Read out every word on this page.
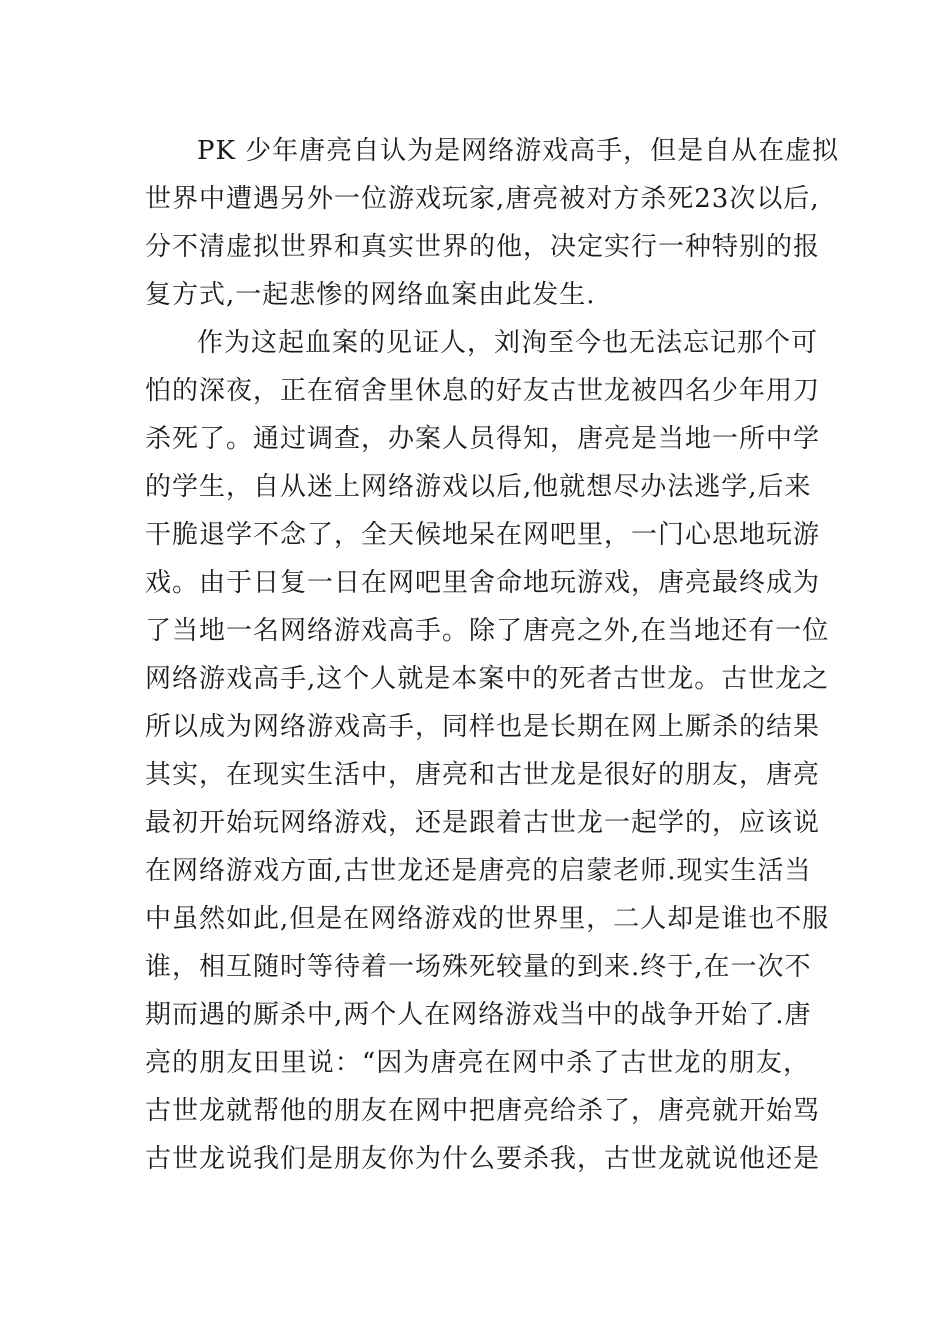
PK 少年唐亮自认为是网络游戏高手，但是自从在虚拟
世界中遭遇另外一位游戏玩家,唐亮被对方杀死23次以后,
分不清虚拟世界和真实世界的他，决定实行一种特别的报
复方式,一起悲惨的网络血案由此发生.
作为这起血案的见证人，刘洵至今也无法忘记那个可
怕的深夜，正在宿舍里休息的好友古世龙被四名少年用刀
杀死了。通过调查，办案人员得知，唐亮是当地一所中学
的学生，自从迷上网络游戏以后,他就想尽办法逃学,后来
干脆退学不念了，全天候地呆在网吧里，一门心思地玩游
戏。由于日复一日在网吧里舍命地玩游戏，唐亮最终成为
了当地一名网络游戏高手。除了唐亮之外,在当地还有一位
网络游戏高手,这个人就是本案中的死者古世龙。古世龙之
所以成为网络游戏高手，同样也是长期在网上厮杀的结果
其实，在现实生活中，唐亮和古世龙是很好的朋友，唐亮
最初开始玩网络游戏，还是跟着古世龙一起学的，应该说
在网络游戏方面,古世龙还是唐亮的启蒙老师.现实生活当
中虽然如此,但是在网络游戏的世界里，二人却是谁也不服
谁，相互随时等待着一场殊死较量的到来.终于,在一次不
期而遇的厮杀中,两个人在网络游戏当中的战争开始了.唐
亮的朋友田里说：“因为唐亮在网中杀了古世龙的朋友，
古世龙就帮他的朋友在网中把唐亮给杀了，唐亮就开始骂
古世龙说我们是朋友你为什么要杀我，古世龙就说他还是
